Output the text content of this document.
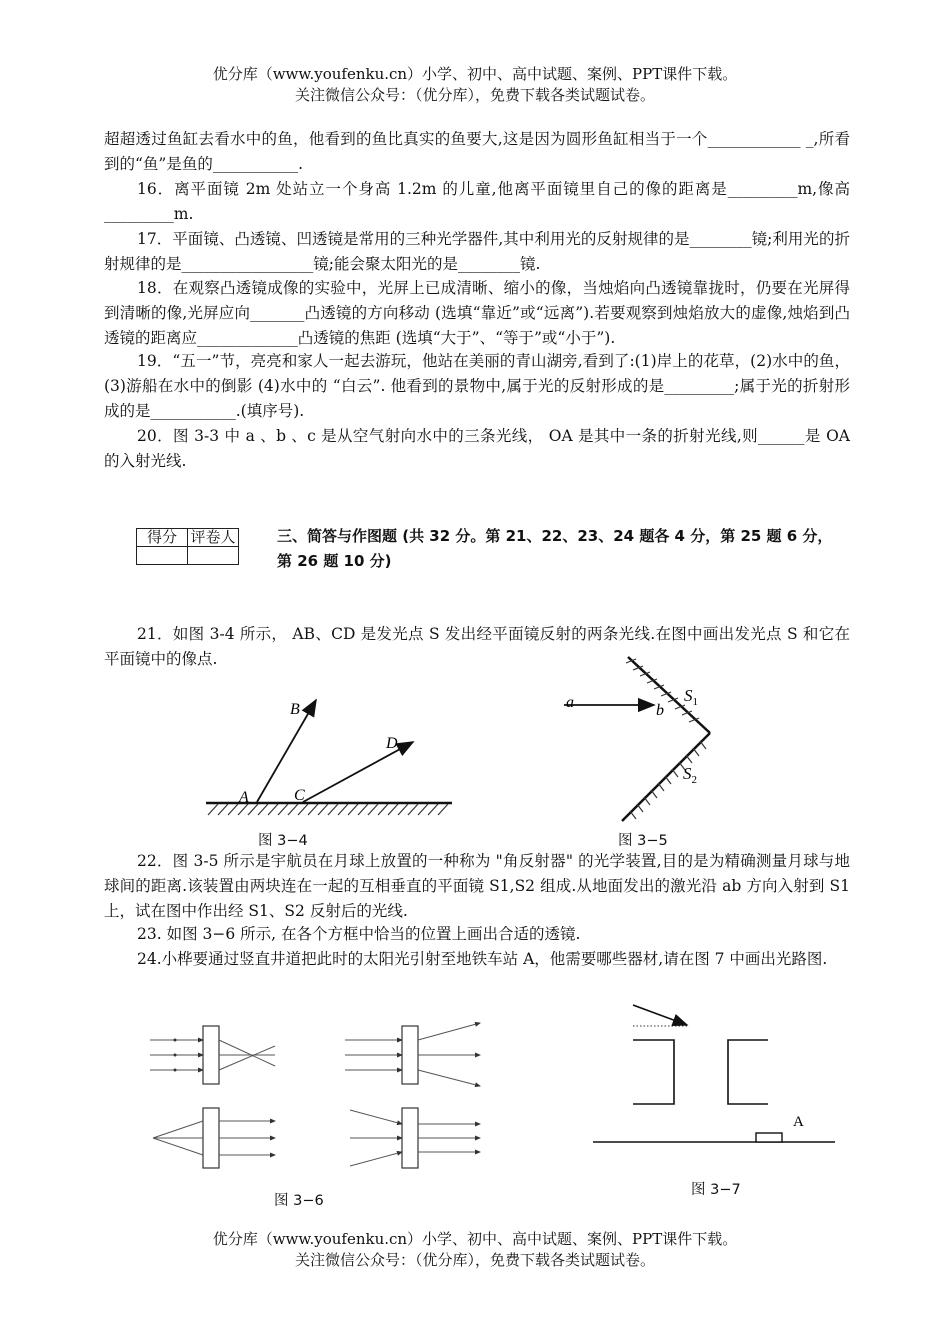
优分库（www.youfenku.cn）小学、初中、高中试题、案例、PPT课件下载。
关注微信公众号：（优分库），免费下载各类试题试卷。
超超透过鱼缸去看水中的鱼，他看到的鱼比真实的鱼要大,这是因为圆形鱼缸相当于一个____________ _,所看到的“鱼”是鱼的___________.
16．离平面镜 2m 处站立一个身高 1.2m 的儿童,他离平面镜里自己的像的距离是_________m,像高_________m.
17．平面镜、凸透镜、凹透镜是常用的三种光学器件,其中利用光的反射规律的是________镜;利用光的折射规律的是_________________镜;能会聚太阳光的是________镜.
18．在观察凸透镜成像的实验中，光屏上已成清晰、缩小的像，当烛焰向凸透镜靠拢时，仍要在光屏得到清晰的像,光屏应向_______凸透镜的方向移动 (选填“靠近”或“远离”).若要观察到烛焰放大的虚像,烛焰到凸透镜的距离应_____________凸透镜的焦距 (选填“大于”、“等于”或“小于”).
19．“五一”节，亮亮和家人一起去游玩，他站在美丽的青山湖旁,看到了:(1)岸上的花草，(2)水中的鱼，(3)游船在水中的倒影 (4)水中的 “白云”. 他看到的景物中,属于光的反射形成的是_________;属于光的折射形成的是___________.(填序号).
20．图 3-3 中 a 、b 、c 是从空气射向水中的三条光线， OA 是其中一条的折射光线,则______是 OA 的入射光线.
得分	评卷人
		三、简答与作图题 (共 32 分。第 21、22、23、24 题各 4 分，第 25 题 6 分，第 26 题 10 分)
21．如图 3-4 所示， AB、CD 是发光点 S 发出经平面镜反射的两条光线.在图中画出发光点 S 和它在平面镜中的像点.
A
B
C
D
图 3−4
a	b
$S_1$
$S_2$
图 3−5
22．图 3-5 所示是宇航员在月球上放置的一种称为 "角反射器" 的光学装置,目的是为精确测量月球与地球间的距离.该装置由两块连在一起的互相垂直的平面镜 S1,S2 组成.从地面发出的激光沿 ab 方向入射到 S1 上，试在图中作出经 S1、S2 反射后的光线.
23. 如图 3−6 所示, 在各个方框中恰当的位置上画出合适的透镜.
24.小桦要通过竖直井道把此时的太阳光引射至地铁车站 A，他需要哪些器材,请在图 7 中画出光路图.
图 3−6
A
图 3−7
优分库（www.youfenku.cn）小学、初中、高中试题、案例、PPT课件下载。
关注微信公众号：（优分库），免费下载各类试题试卷。
